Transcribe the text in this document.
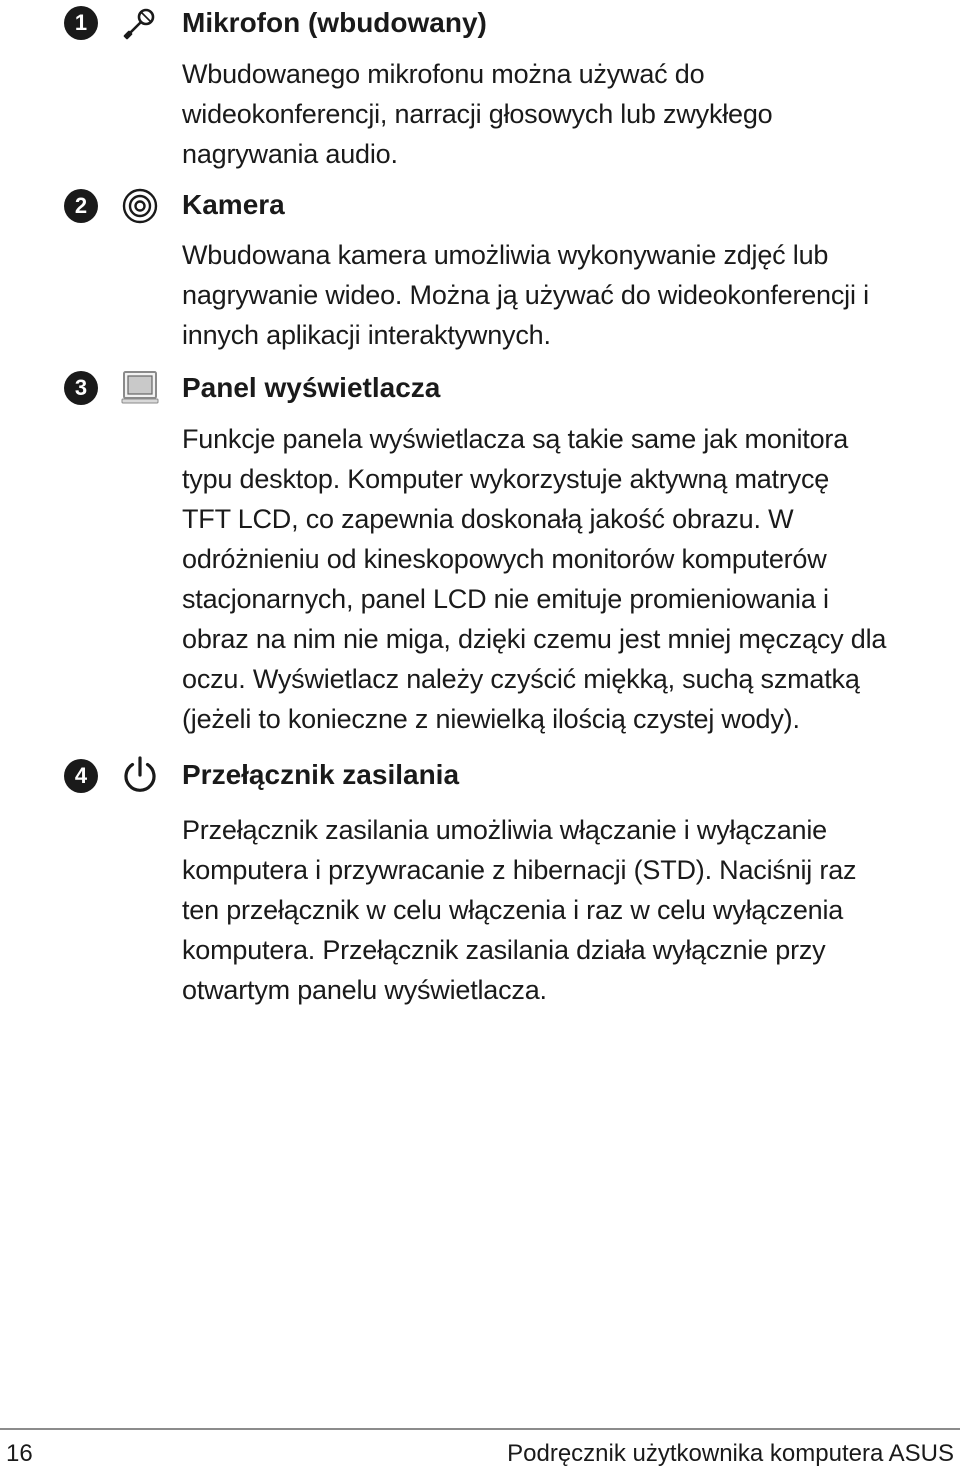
1	Mikrofon (wbudowany)
Wbudowanego mikrofonu można używać do
wideokonferencji, narracji głosowych lub zwykłego
nagrywania audio.
2	Kamera
Wbudowana kamera umożliwia wykonywanie zdjęć lub
nagrywanie wideo. Można ją używać do wideokonferencji i
innych aplikacji interaktywnych.
3	Panel wyświetlacza
Funkcje panela wyświetlacza są takie same jak monitora
typu desktop. Komputer wykorzystuje aktywną matrycę
TFT LCD, co zapewnia doskonałą jakość obrazu. W
odróżnieniu od kineskopowych monitorów komputerów
stacjonarnych, panel LCD nie emituje promieniowania i
obraz na nim nie miga, dzięki czemu jest mniej męczący dla
oczu. Wyświetlacz należy czyścić miękką, suchą szmatką
(jeżeli to konieczne z niewielką ilością czystej wody).
4	Przełącznik zasilania
Przełącznik zasilania umożliwia włączanie i wyłączanie
komputera i przywracanie z hibernacji (STD). Naciśnij raz
ten przełącznik w celu włączenia i raz w celu wyłączenia
komputera. Przełącznik zasilania działa wyłącznie przy
otwartym panelu wyświetlacza.
16	Podręcznik użytkownika komputera ASUS
